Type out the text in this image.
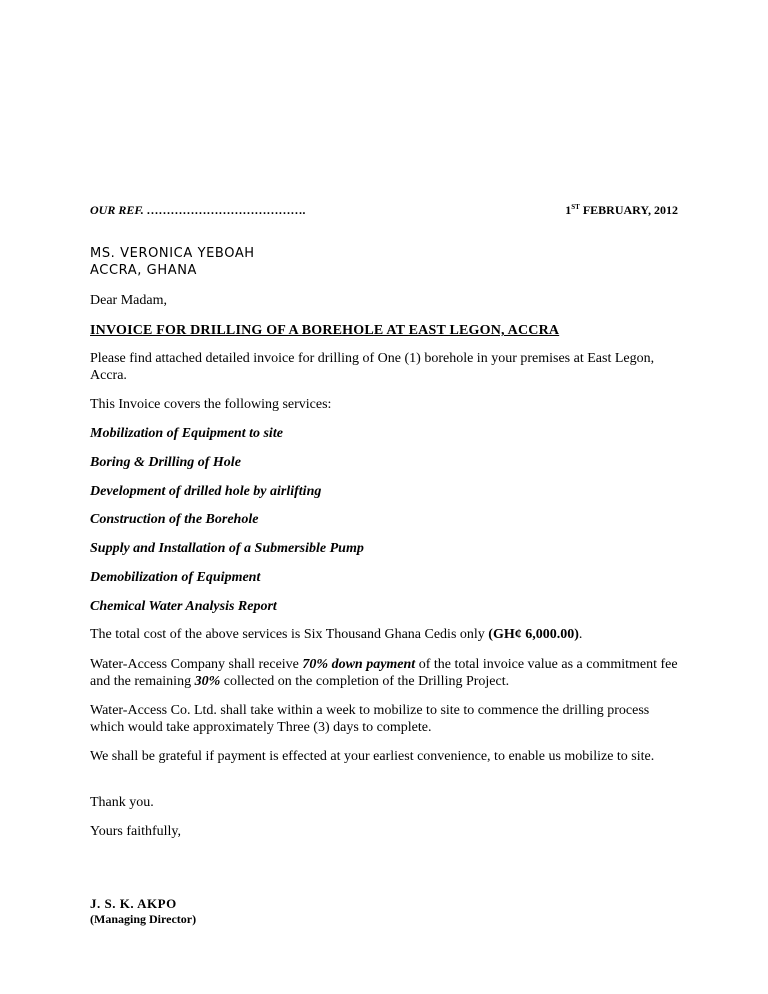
OUR REF. ………………………………….	1ST FEBRUARY, 2012
MS. VERONICA YEBOAH
ACCRA, GHANA
Dear Madam,
INVOICE FOR DRILLING OF A BOREHOLE AT EAST LEGON, ACCRA
Please find attached detailed invoice for drilling of One (1) borehole in your premises at East Legon, Accra.
This Invoice covers the following services:
Mobilization of Equipment to site
Boring & Drilling of Hole
Development of drilled hole by airlifting
Construction of the Borehole
Supply and Installation of a Submersible Pump
Demobilization of Equipment
Chemical Water Analysis Report
The total cost of the above services is Six Thousand Ghana Cedis only (GH¢ 6,000.00).
Water-Access Company shall receive 70% down payment of the total invoice value as a commitment fee and the remaining 30% collected on the completion of the Drilling Project.
Water-Access Co. Ltd. shall take within a week to mobilize to site to commence the drilling process which would take approximately Three (3) days to complete.
We shall be grateful if payment is effected at your earliest convenience, to enable us mobilize to site.
Thank you.
Yours faithfully,
J. S. K. AKPO
(Managing Director)
